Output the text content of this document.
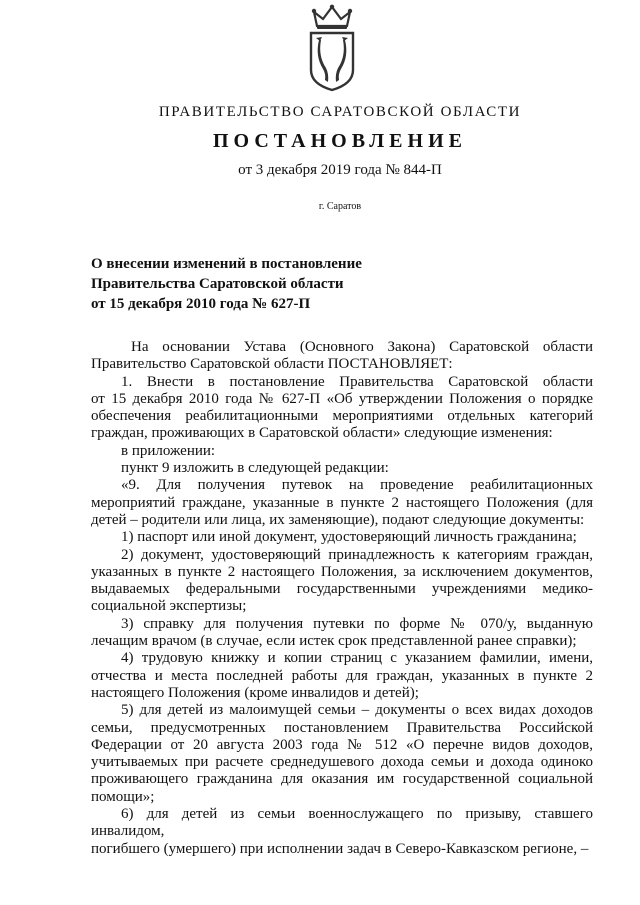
ПРАВИТЕЛЬСТВО САРАТОВСКОЙ ОБЛАСТИ
ПОСТАНОВЛЕНИЕ
от 3 декабря 2019 года № 844-П
г. Саратов
О внесении изменений в постановление
Правительства Саратовской области
от 15 декабря 2010 года № 627-П

На основании Устава (Основного Закона) Саратовской области

Правительство Саратовской области ПОСТАНОВЛЯЕТ:

1. Внести в постановление Правительства Саратовской области

от 15 декабря 2010 года № 627-П «Об утверждении Положения о порядке

обеспечения реабилитационными мероприятиями отдельных категорий

граждан, проживающих в Саратовской области» следующие изменения:

в приложении:

пункт 9 изложить в следующей редакции:

«9. Для получения путевок на проведение реабилитационных

мероприятий граждане, указанные в пункте 2 настоящего Положения (для

детей – родители или лица, их заменяющие), подают следующие документы:

1) паспорт или иной документ, удостоверяющий личность гражданина;

2) документ, удостоверяющий принадлежность к категориям граждан,

указанных в пункте 2 настоящего Положения, за исключением документов,

выдаваемых федеральными государственными учреждениями медико-

социальной экспертизы;

3) справку для получения путевки по форме № 070/у, выданную

лечащим врачом (в случае, если истек срок представленной ранее справки);

4) трудовую книжку и копии страниц с указанием фамилии, имени,

отчества и места последней работы для граждан, указанных в пункте 2

настоящего Положения (кроме инвалидов и детей);

5) для детей из малоимущей семьи – документы о всех видах доходов

семьи, предусмотренных постановлением Правительства Российской

Федерации от 20 августа 2003 года № 512 «О перечне видов доходов,

учитываемых при расчете среднедушевого дохода семьи и дохода одиноко

проживающего гражданина для оказания им государственной социальной

помощи»;

6) для детей из семьи военнослужащего по призыву, ставшего инвалидом,

погибшего (умершего) при исполнении задач в Северо-Кавказском регионе, –
